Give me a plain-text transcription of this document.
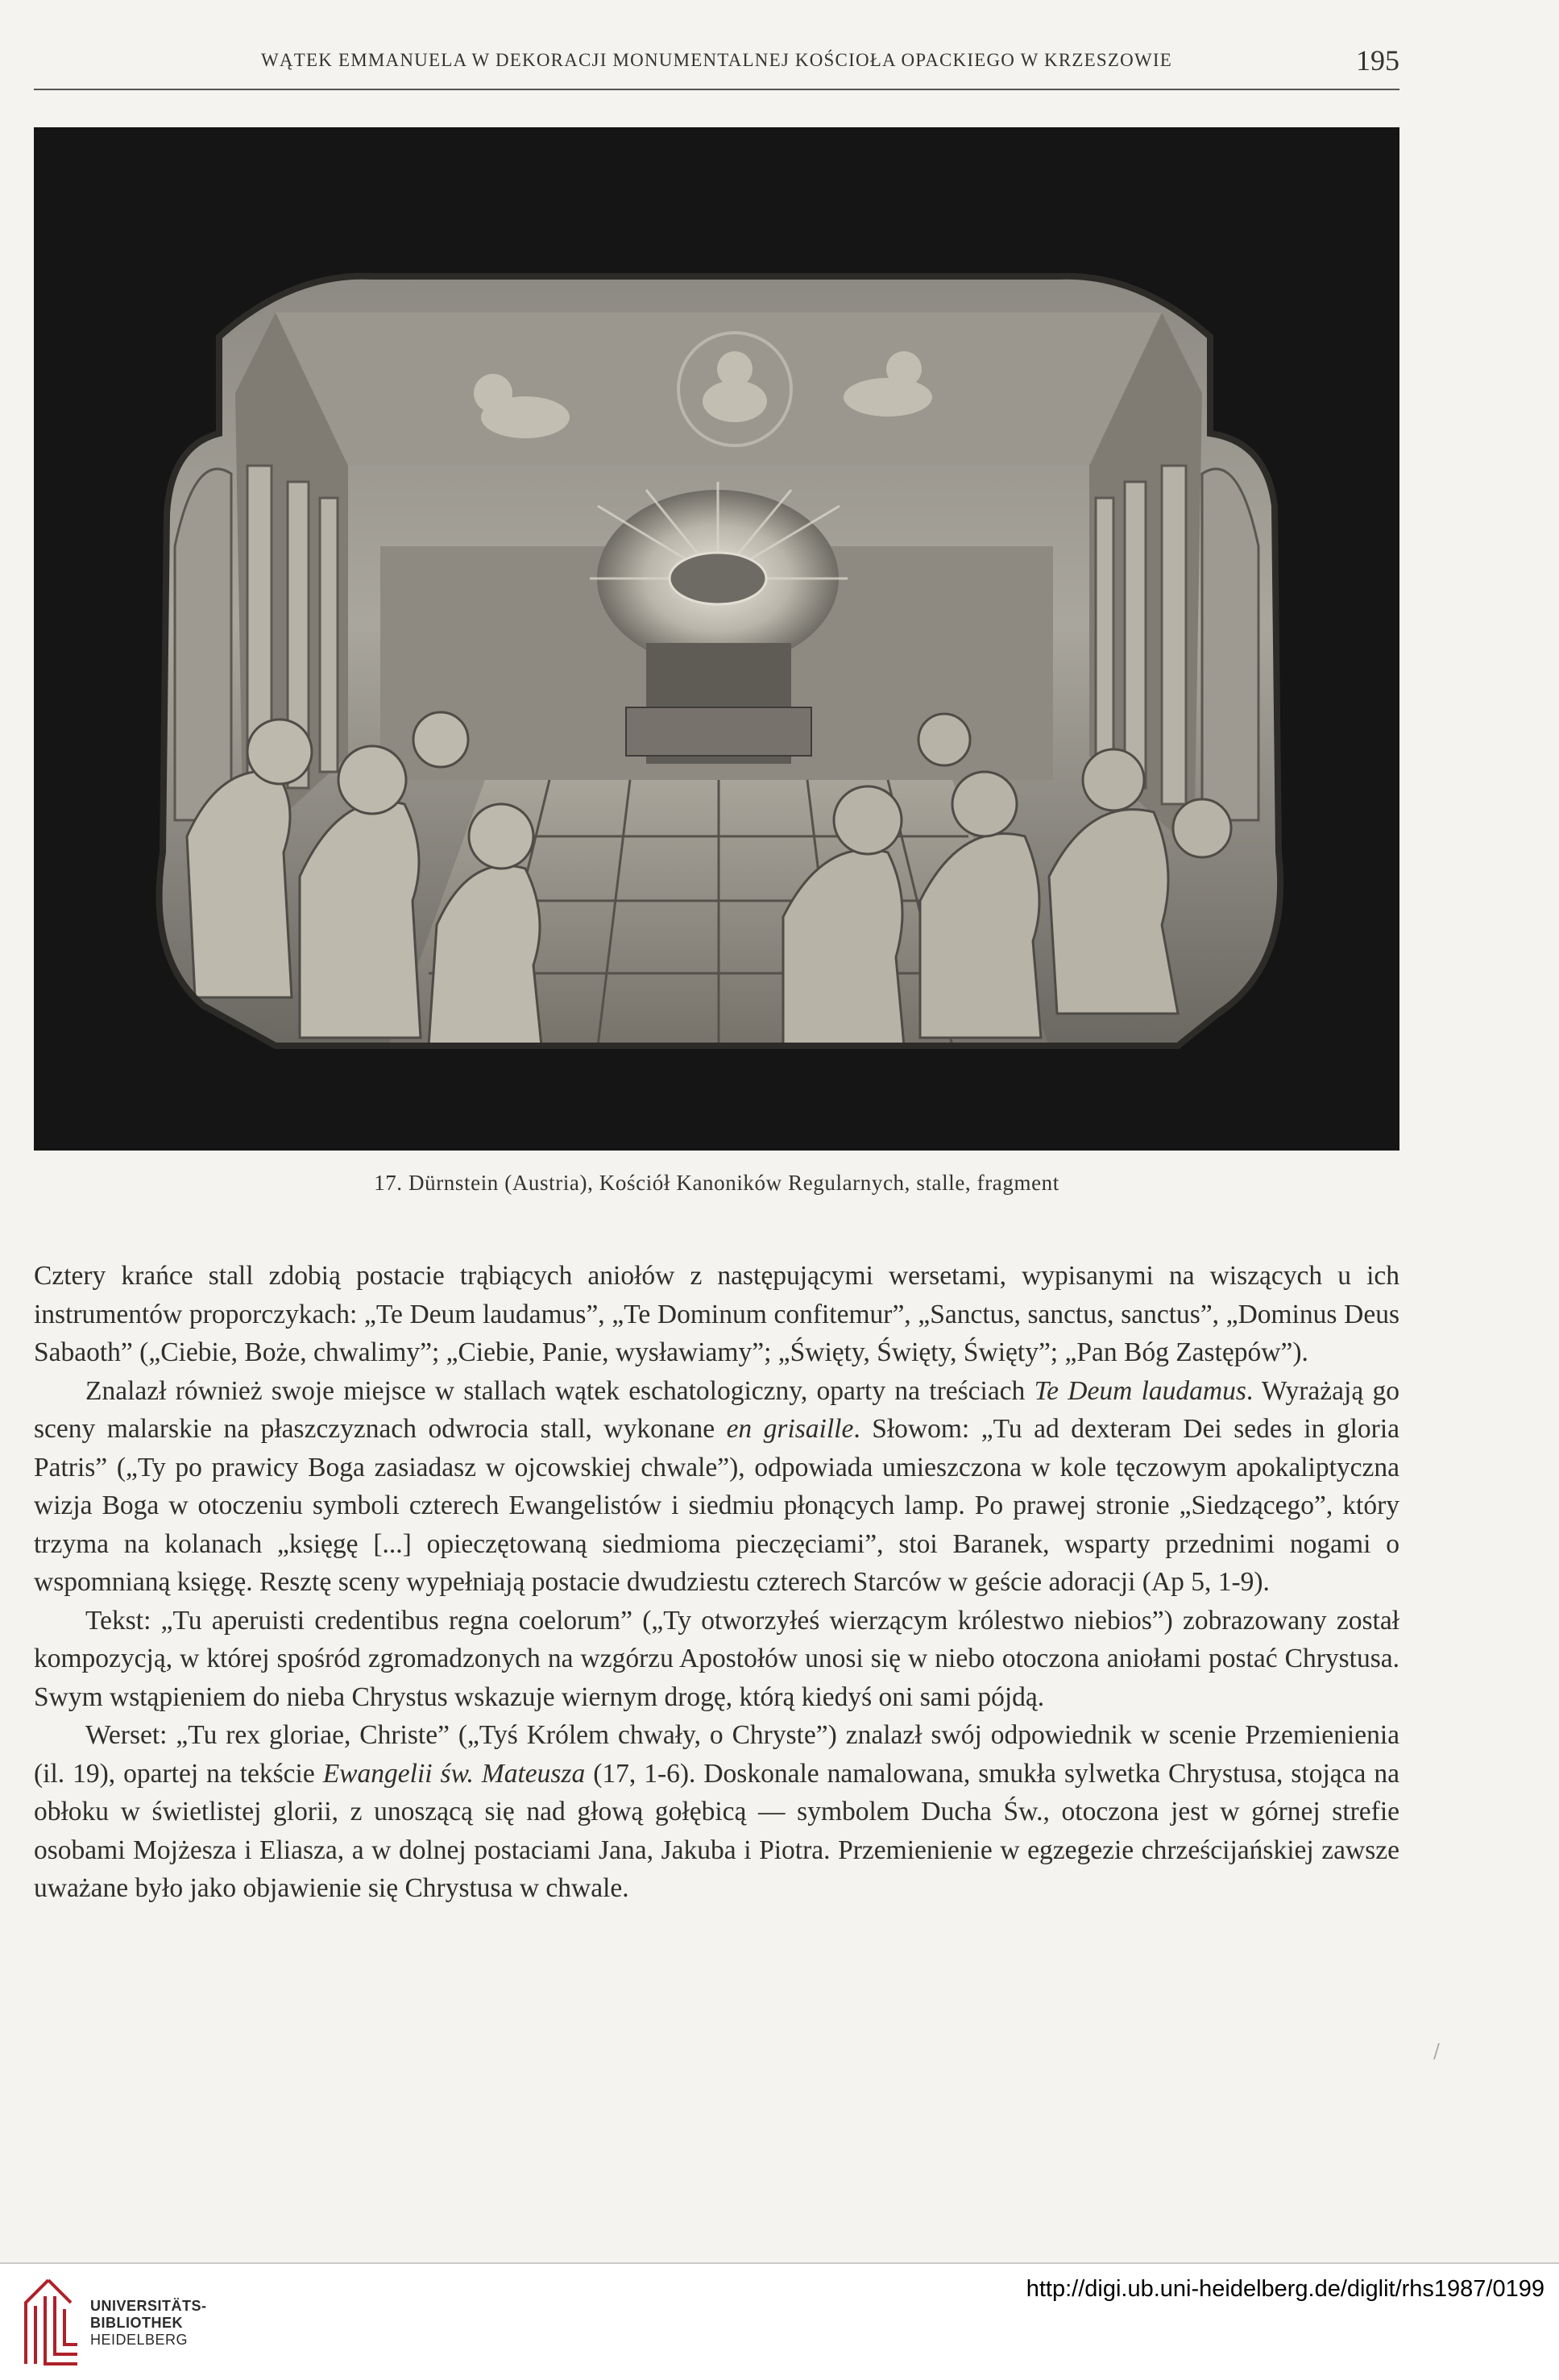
WĄTEK EMMANUELA W DEKORACJI MONUMENTALNEJ KOŚCIOŁA OPACKIEGO W KRZESZOWIE	195
17. Dürnstein (Austria), Kościół Kanoników Regularnych, stalle, fragment

Cztery krańce stall zdobią postacie trąbiących aniołów z następującymi wersetami, wypisanymi na wiszących u ich instrumentów proporczykach: „Te Deum laudamus”, „Te Dominum confitemur”, „Sanctus, sanctus, sanctus”, „Dominus Deus Sabaoth” („Ciebie, Boże, chwalimy”; „Ciebie, Panie, wysławiamy”; „Święty, Święty, Święty”; „Pan Bóg Zastępów”).

Znalazł również swoje miejsce w stallach wątek eschatologiczny, oparty na treściach Te Deum laudamus. Wyrażają go sceny malarskie na płaszczyznach odwrocia stall, wykonane en grisaille. Słowom: „Tu ad dexteram Dei sedes in gloria Patris” („Ty po prawicy Boga zasiadasz w ojcowskiej chwale”), odpowiada umieszczona w kole tęczowym apokaliptyczna wizja Boga w otoczeniu symboli czterech Ewangelistów i siedmiu płonących lamp. Po prawej stronie „Siedzącego”, który trzyma na kolanach „księgę [...] opieczętowaną siedmioma pieczęciami”, stoi Baranek, wsparty przednimi nogami o wspomnianą księgę. Resztę sceny wypełniają postacie dwudziestu czterech Starców w geście adoracji (Ap 5, 1-9).

Tekst: „Tu aperuisti credentibus regna coelorum” („Ty otworzyłeś wierzącym królestwo niebios”) zobrazowany został kompozycją, w której spośród zgromadzonych na wzgórzu Apostołów unosi się w niebo otoczona aniołami postać Chrystusa. Swym wstąpieniem do nieba Chrystus wskazuje wiernym drogę, którą kiedyś oni sami pójdą.

Werset: „Tu rex gloriae, Christe” („Tyś Królem chwały, o Chryste”) znalazł swój odpowiednik w scenie Przemienienia (il. 19), opartej na tekście Ewangelii św. Mateusza (17, 1-6). Doskonale namalowana, smukła sylwetka Chrystusa, stojąca na obłoku w świetlistej glorii, z unoszącą się nad głową gołębicą — symbolem Ducha Św., otoczona jest w górnej strefie osobami Mojżesza i Eliasza, a w dolnej postaciami Jana, Jakuba i Piotra. Przemienienie w egzegezie chrześcijańskiej zawsze uważane było jako objawienie się Chrystusa w chwale.

UNIVERSITÄTS-
BIBLIOTHEK
HEIDELBERG
http://digi.ub.uni-heidelberg.de/diglit/rhs1987/0199
